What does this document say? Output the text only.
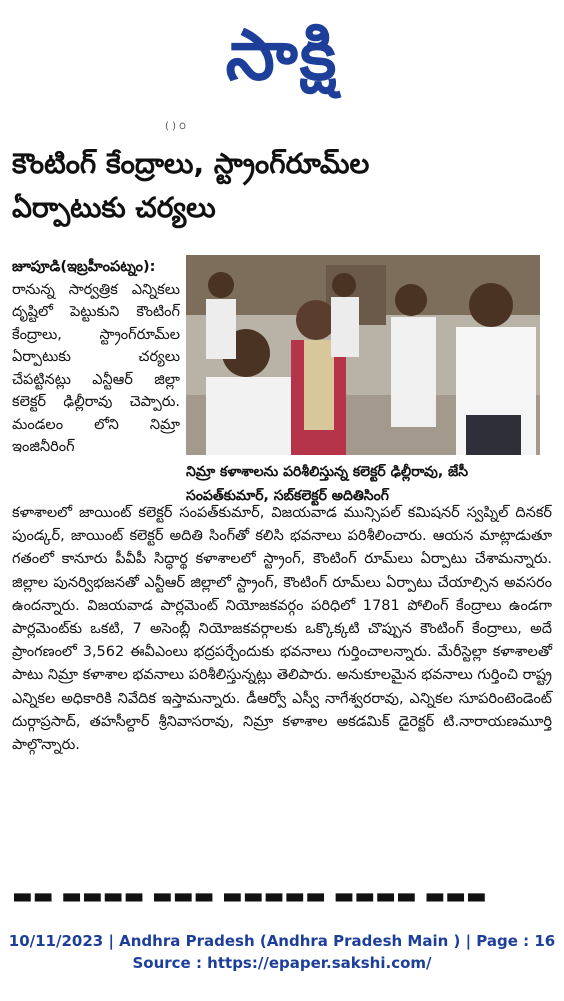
సాక్షి
( ) ౦
కౌంటింగ్ కేంద్రాలు, స్ట్రాంగ్‌రూమ్‌ల
ఏర్పాటుకు చర్యలు
జూపూడి(ఇబ్రహీంపట్నం): రానున్న సార్వత్రిక ఎన్నికలు దృష్టిలో పెట్టుకుని కౌంటింగ్ కేంద్రాలు, స్ట్రాంగ్‌రూమ్‌ల ఏర్పాటుకు చర్యలు చేపట్టినట్లు ఎన్టీఆర్ జిల్లా కలెక్టర్ ఢిల్లీరావు చెప్పారు. మండలం లోని నిమ్రా ఇంజినీరింగ్
నిమ్రా కళాశాలను పరిశీలిస్తున్న కలెక్టర్ ఢిల్లీరావు, జేసీ సంపత్‌కుమార్, సబ్‌కలెక్టర్ అదితిసింగ్
కళాశాలలో జాయింట్ కలెక్టర్ సంపత్‌కుమార్, విజయవాడ మున్సిపల్ కమిషనర్ స్వప్నిల్ దినకర్ పుండ్కర్, జాయింట్ కలెక్టర్ అదితి సింగ్‌తో కలిసి భవనాలు పరిశీలించారు. ఆయన మాట్లాడుతూ గతంలో కానూరు పీవీపీ సిద్ధార్థ కళాశాలలో స్ట్రాంగ్, కౌంటింగ్ రూమ్‌లు ఏర్పాటు చేశామన్నారు. జిల్లాల పునర్విభజనతో ఎన్టీఆర్ జిల్లాలో స్ట్రాంగ్, కౌంటింగ్ రూమ్‌లు ఏర్పాటు చేయాల్సిన అవసరం ఉందన్నారు. విజయవాడ పార్లమెంట్ నియోజకవర్గం పరిధిలో 1781 పోలింగ్ కేంద్రాలు ఉండగా పార్లమెంట్‌కు ఒకటి, 7 అసెంబ్లీ నియోజకవర్గాలకు ఒక్కొక్కటి చొప్పున కౌంటింగ్ కేంద్రాలు, అదే ప్రాంగణంలో 3,562 ఈవీఎంలు భద్రపర్చేందుకు భవనాలు గుర్తించాలన్నారు. మేరీస్టెల్లా కళాశాలతో పాటు నిమ్రా కళాశాల భవనాలు పరిశీలిస్తున్నట్లు తెలిపారు. అనుకూలమైన భవనాలు గుర్తించి రాష్ట్ర ఎన్నికల అధికారికి నివేదిక ఇస్తామన్నారు. డీఆర్వో ఎస్వీ నాగేశ్వరరావు, ఎన్నికల సూపరింటెండెంట్ దుర్గాప్రసాద్, తహసీల్దార్ శ్రీనివాసరావు, నిమ్రా కళాశాల అకడమిక్ డైరెక్టర్ టి.నారాయణమూర్తి పాల్గొన్నారు.
▬▬ ▬▬▬▬ ▬▬▬ ▬▬▬▬▬ ▬▬▬▬ ▬▬▬
10/11/2023 | Andhra Pradesh (Andhra Pradesh Main ) | Page : 16
Source : https://epaper.sakshi.com/
